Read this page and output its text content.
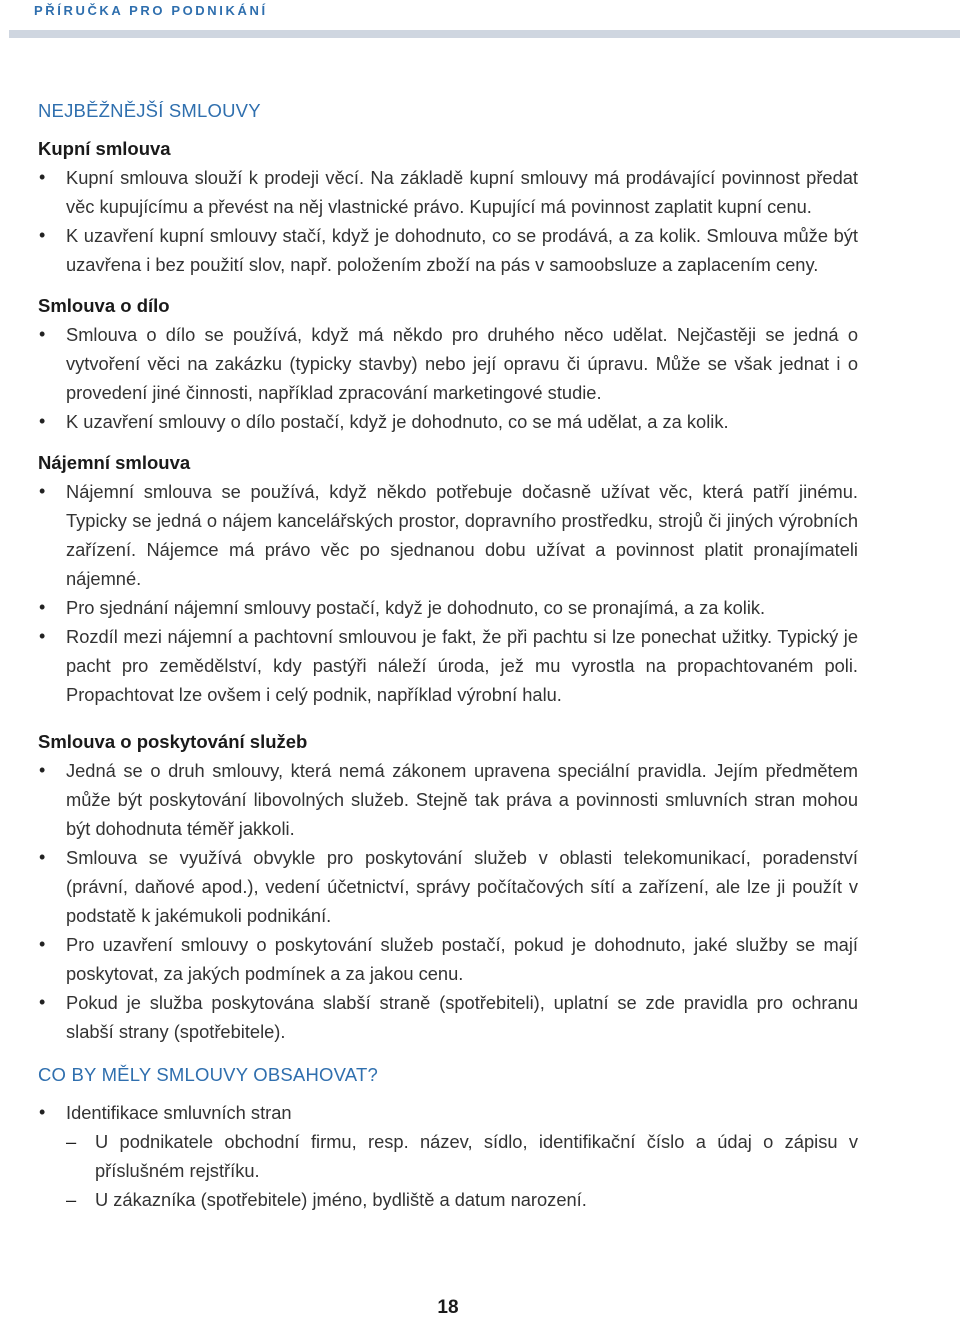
PŘÍRUČKA PRO PODNIKÁNÍ
NEJBĚŽNĚJŠÍ SMLOUVY
Kupní smlouva
• Kupní smlouva slouží k prodeji věcí. Na základě kupní smlouvy má prodávající povinnost předat věc kupujícímu a převést na něj vlastnické právo. Kupující má povinnost zaplatit kupní cenu.
• K uzavření kupní smlouvy stačí, když je dohodnuto, co se prodává, a za kolik. Smlouva může být uzavřena i bez použití slov, např. položením zboží na pás v samoobsluze a zaplacením ceny.
Smlouva o dílo
• Smlouva o dílo se používá, když má někdo pro druhého něco udělat. Nejčastěji se jedná o vytvoření věci na zakázku (typicky stavby) nebo její opravu či úpravu. Může se však jednat i o provedení jiné činnosti, například zpracování marketingové studie.
• K uzavření smlouvy o dílo postačí, když je dohodnuto, co se má udělat, a za kolik.
Nájemní smlouva
• Nájemní smlouva se používá, když někdo potřebuje dočasně užívat věc, která patří jinému. Typicky se jedná o nájem kancelářských prostor, dopravního prostředku, strojů či jiných výrobních zařízení. Nájemce má právo věc po sjednanou dobu užívat a povinnost platit pronajímateli nájemné.
• Pro sjednání nájemní smlouvy postačí, když je dohodnuto, co se pronajímá, a za kolik.
• Rozdíl mezi nájemní a pachtovní smlouvou je fakt, že při pachtu si lze ponechat užitky. Typický je pacht pro zemědělství, kdy pastýři náleží úroda, jež mu vyrostla na propachtovaném poli. Propachtovat lze ovšem i celý podnik, například výrobní halu.
Smlouva o poskytování služeb
• Jedná se o druh smlouvy, která nemá zákonem upravena speciální pravidla. Jejím předmětem může být poskytování libovolných služeb. Stejně tak práva a povinnosti smluvních stran mohou být dohodnuta téměř jakkoli.
• Smlouva se využívá obvykle pro poskytování služeb v oblasti telekomunikací, poradenství (právní, daňové apod.), vedení účetnictví, správy počítačových sítí a zařízení, ale lze ji použít v podstatě k jakémukoli podnikání.
• Pro uzavření smlouvy o poskytování služeb postačí, pokud je dohodnuto, jaké služby se mají poskytovat, za jakých podmínek a za jakou cenu.
• Pokud je služba poskytována slabší straně (spotřebiteli), uplatní se zde pravidla pro ochranu slabší strany (spotřebitele).
CO BY MĚLY SMLOUVY OBSAHOVAT?
• Identifikace smluvních stran
– U podnikatele obchodní firmu, resp. název, sídlo, identifikační číslo a údaj o zápisu v příslušném rejstříku.
– U zákazníka (spotřebitele) jméno, bydliště a datum narození.
18
